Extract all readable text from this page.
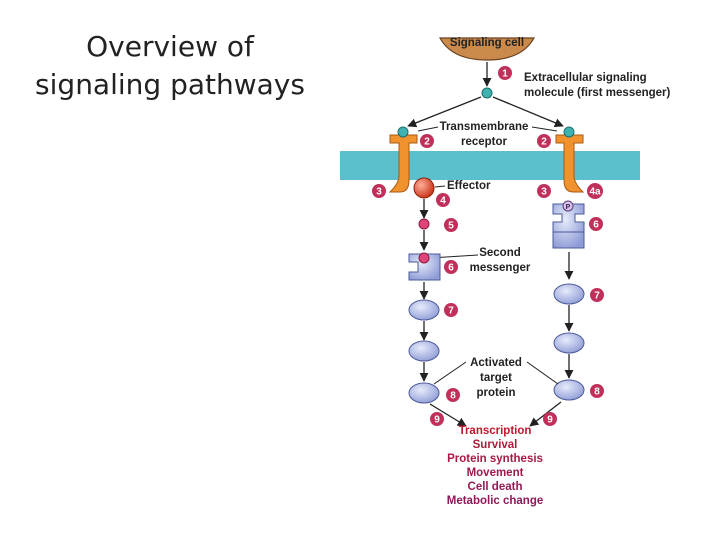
Overview of
signaling pathways
Signaling cell
1 Extracellular signaling
molecule (first messenger)
Transmembrane
receptor
2	2
3	3
Effector
4
4a
P
6
5
Second
messenger
6
7
8
7
8
Activated
target
protein
9	9
Transcription
Survival
Protein synthesis
Movement
Cell death
Metabolic change
